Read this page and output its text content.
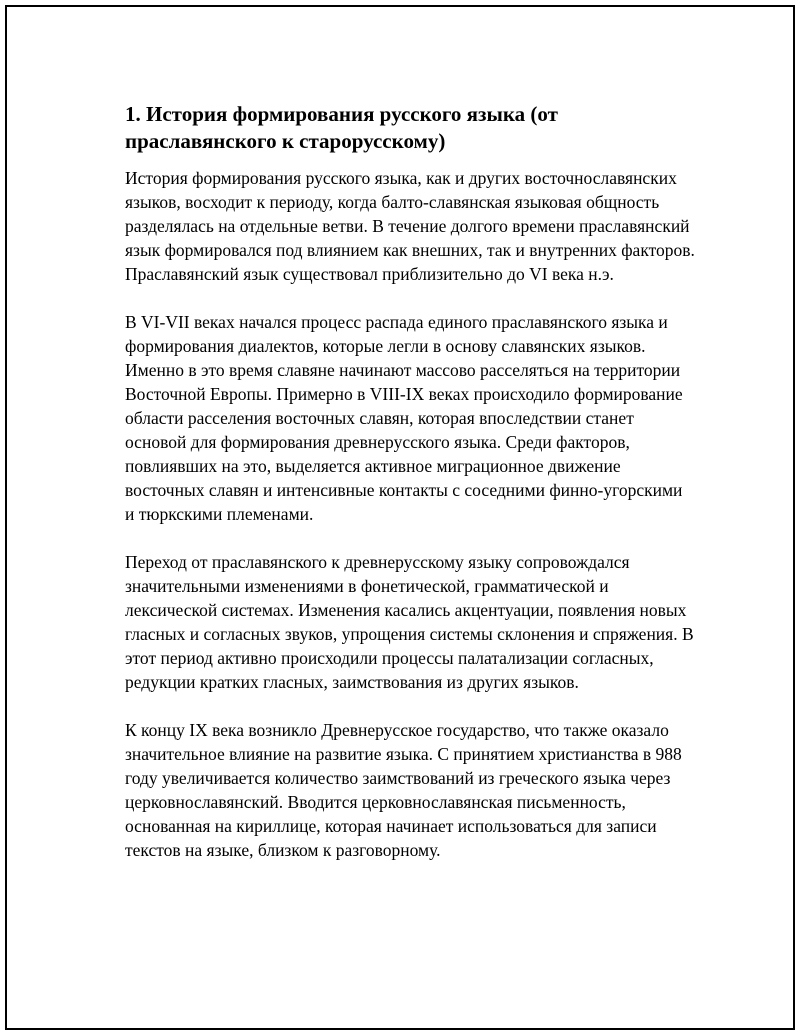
1. История формирования русского языка (от праславянского к старорусскому)

История формирования русского языка, как и других восточнославянских языков, восходит к периоду, когда балто-славянская языковая общность разделялась на отдельные ветви. В течение долгого времени праславянский язык формировался под влиянием как внешних, так и внутренних факторов. Праславянский язык существовал приблизительно до VI века н.э.

В VI-VII веках начался процесс распада единого праславянского языка и формирования диалектов, которые легли в основу славянских языков. Именно в это время славяне начинают массово расселяться на территории Восточной Европы. Примерно в VIII-IX веках происходило формирование области расселения восточных славян, которая впоследствии станет основой для формирования древнерусского языка. Среди факторов, повлиявших на это, выделяется активное миграционное движение восточных славян и интенсивные контакты с соседними финно-угорскими и тюркскими племенами.

Переход от праславянского к древнерусскому языку сопровождался значительными изменениями в фонетической, грамматической и лексической системах. Изменения касались акцентуации, появления новых гласных и согласных звуков, упрощения системы склонения и спряжения. В этот период активно происходили процессы палатализации согласных, редукции кратких гласных, заимствования из других языков.

К концу IX века возникло Древнерусское государство, что также оказало значительное влияние на развитие языка. С принятием христианства в 988 году увеличивается количество заимствований из греческого языка через церковнославянский. Вводится церковнославянская письменность, основанная на кириллице, которая начинает использоваться для записи текстов на языке, близком к разговорному.
